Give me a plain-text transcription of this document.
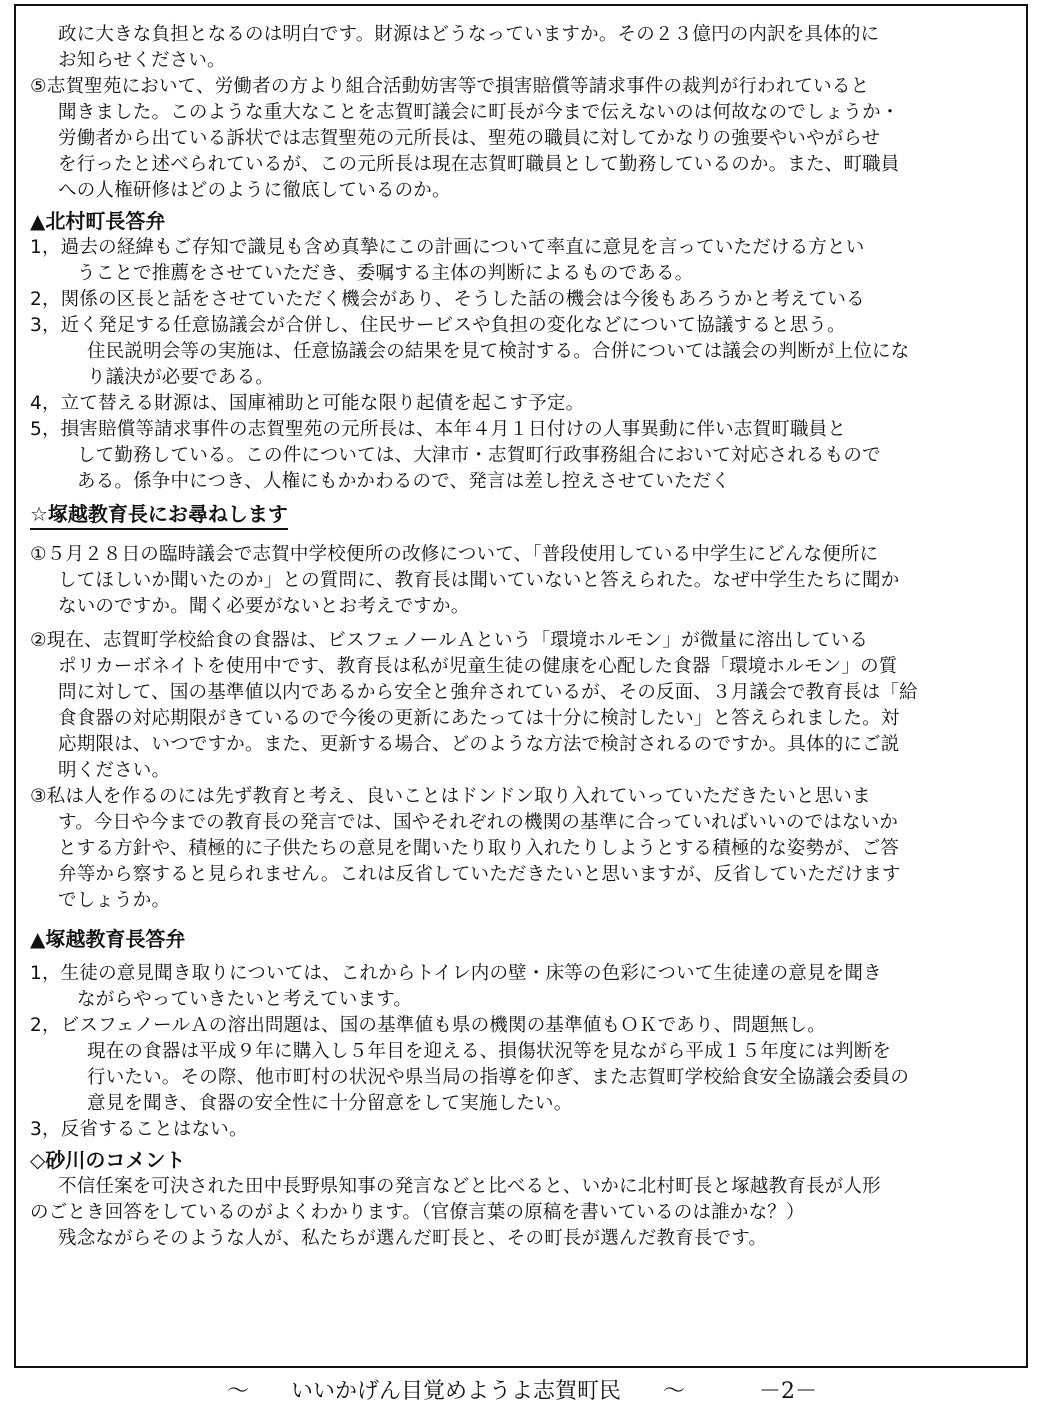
政に大きな負担となるのは明白です。財源はどうなっていますか。その２３億円の内訳を具体的に
お知らせください。
⑤志賀聖苑において、労働者の方より組合活動妨害等で損害賠償等請求事件の裁判が行われていると
聞きました。このような重大なことを志賀町議会に町長が今まで伝えないのは何故なのでしょうか・
労働者から出ている訴状では志賀聖苑の元所長は、聖苑の職員に対してかなりの強要やいやがらせ
を行ったと述べられているが、この元所長は現在志賀町職員として勤務しているのか。また、町職員
への人権研修はどのように徹底しているのか。
▲北村町長答弁
1，過去の経緯もご存知で識見も含め真摯にこの計画について率直に意見を言っていただける方とい
うことで推薦をさせていただき、委嘱する主体の判断によるものである。
2，関係の区長と話をさせていただく機会があり、そうした話の機会は今後もあろうかと考えている
3，近く発足する任意協議会が合併し、住民サービスや負担の変化などについて協議すると思う。
住民説明会等の実施は、任意協議会の結果を見て検討する。合併については議会の判断が上位にな
り議決が必要である。
4，立て替える財源は、国庫補助と可能な限り起債を起こす予定。
5，損害賠償等請求事件の志賀聖苑の元所長は、本年４月１日付けの人事異動に伴い志賀町職員と
して勤務している。この件については、大津市・志賀町行政事務組合において対応されるもので
ある。係争中につき、人権にもかかわるので、発言は差し控えさせていただく
☆塚越教育長にお尋ねします
①５月２８日の臨時議会で志賀中学校便所の改修について、「普段使用している中学生にどんな便所に
してほしいか聞いたのか」との質問に、教育長は聞いていないと答えられた。なぜ中学生たちに聞か
ないのですか。聞く必要がないとお考えですか。
②現在、志賀町学校給食の食器は、ビスフェノールＡという「環境ホルモン」が微量に溶出している
ポリカーボネイトを使用中です、教育長は私が児童生徒の健康を心配した食器「環境ホルモン」の質
問に対して、国の基準値以内であるから安全と強弁されているが、その反面、３月議会で教育長は「給
食食器の対応期限がきているので今後の更新にあたっては十分に検討したい」と答えられました。対
応期限は、いつですか。また、更新する場合、どのような方法で検討されるのですか。具体的にご説
明ください。
③私は人を作るのには先ず教育と考え、良いことはドンドン取り入れていっていただきたいと思いま
す。今日や今までの教育長の発言では、国やそれぞれの機関の基準に合っていればいいのではないか
とする方針や、積極的に子供たちの意見を聞いたり取り入れたりしようとする積極的な姿勢が、ご答
弁等から察すると見られません。これは反省していただきたいと思いますが、反省していただけます
でしょうか。
▲塚越教育長答弁
1，生徒の意見聞き取りについては、これからトイレ内の壁・床等の色彩について生徒達の意見を聞き
ながらやっていきたいと考えています。
2，ビスフェノールＡの溶出問題は、国の基準値も県の機関の基準値もＯＫであり、問題無し。
現在の食器は平成９年に購入し５年目を迎える、損傷状況等を見ながら平成１５年度には判断を
行いたい。その際、他市町村の状況や県当局の指導を仰ぎ、また志賀町学校給食安全協議会委員の
意見を聞き、食器の安全性に十分留意をして実施したい。
3，反省することはない。
◇砂川のコメント
不信任案を可決された田中長野県知事の発言などと比べると、いかに北村町長と塚越教育長が人形
のごとき回答をしているのがよくわかります。（官僚言葉の原稿を書いているのは誰かな？）
残念ながらそのような人が、私たちが選んだ町長と、その町長が選んだ教育長です。
～ いいかげん目覚めようよ志賀町民 ～	－2－
